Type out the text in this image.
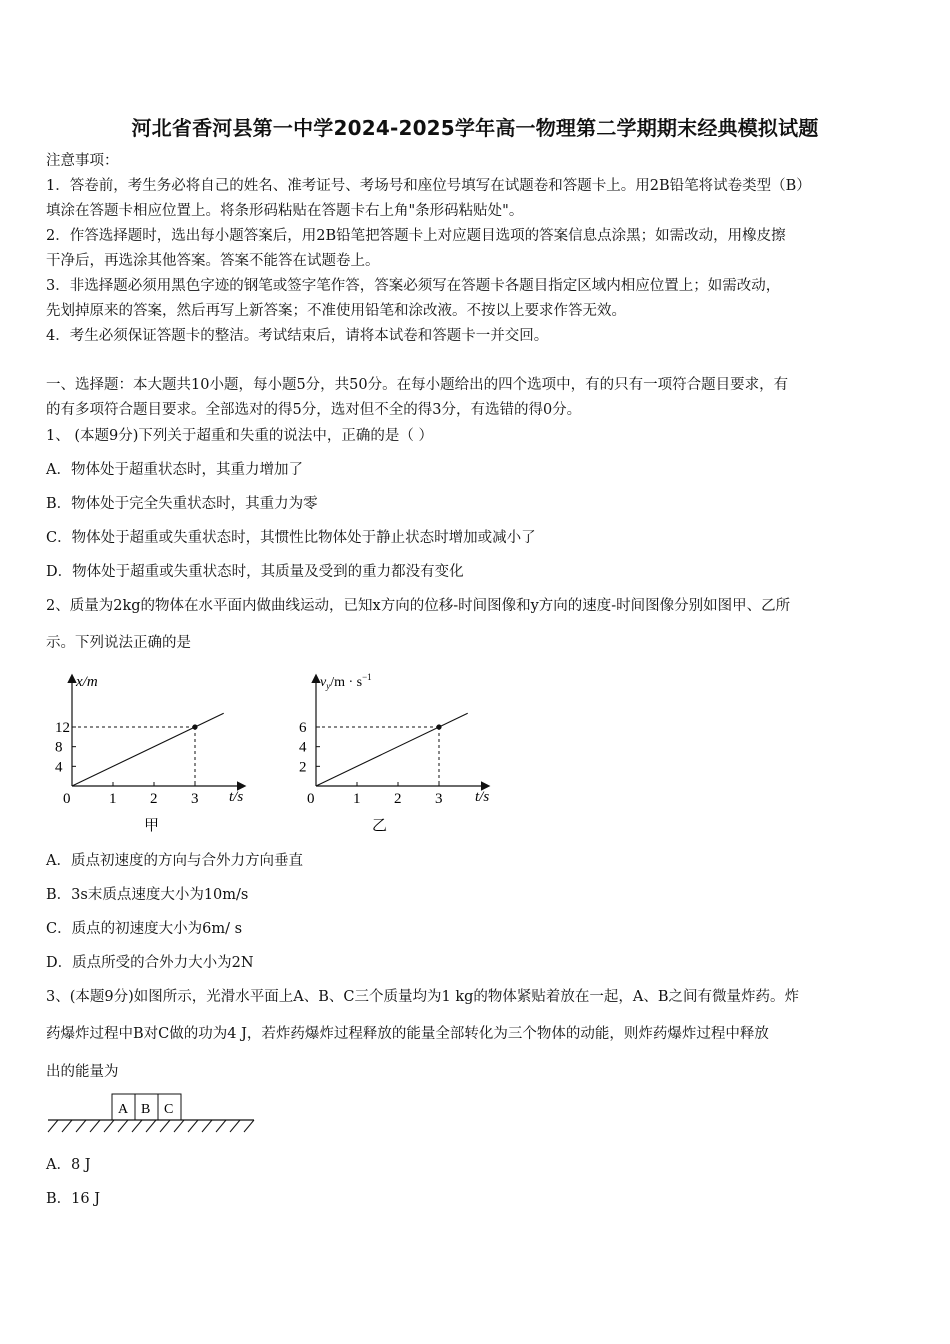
河北省香河县第一中学2024-2025学年高一物理第二学期期末经典模拟试题
注意事项：
1．答卷前，考生务必将自己的姓名、准考证号、考场号和座位号填写在试题卷和答题卡上。用2B铅笔将试卷类型（B）
填涂在答题卡相应位置上。将条形码粘贴在答题卡右上角"条形码粘贴处"。
2．作答选择题时，选出每小题答案后，用2B铅笔把答题卡上对应题目选项的答案信息点涂黑；如需改动，用橡皮擦
干净后，再选涂其他答案。答案不能答在试题卷上。
3．非选择题必须用黑色字迹的钢笔或签字笔作答，答案必须写在答题卡各题目指定区域内相应位置上；如需改动，
先划掉原来的答案，然后再写上新答案；不准使用铅笔和涂改液。不按以上要求作答无效。
4．考生必须保证答题卡的整洁。考试结束后，请将本试卷和答题卡一并交回。
一、选择题：本大题共10小题，每小题5分，共50分。在每小题给出的四个选项中，有的只有一项符合题目要求，有
的有多项符合题目要求。全部选对的得5分，选对但不全的得3分，有选错的得0分。
1、 (本题9分)下列关于超重和失重的说法中，正确的是（ ）
A．物体处于超重状态时，其重力增加了
B．物体处于完全失重状态时，其重力为零
C．物体处于超重或失重状态时，其惯性比物体处于静止状态时增加或减小了
D．物体处于超重或失重状态时，其质量及受到的重力都没有变化
2、质量为2kg的物体在水平面内做曲线运动，已知x方向的位移-时间图像和y方向的速度-时间图像分别如图甲、乙所
示。下列说法正确的是
x/m
t/s
4
8
12
0	1 2 3
甲
$v_y/m \cdot s^{-1}$
t/s
2
4
6
0	1 2 3
乙
A．质点初速度的方向与合外力方向垂直
B．3s末质点速度大小为10m/s
C．质点的初速度大小为6m/ s
D．质点所受的合外力大小为2N
3、(本题9分)如图所示，光滑水平面上A、B、C三个质量均为1 kg的物体紧贴着放在一起，A、B之间有微量炸药。炸
药爆炸过程中B对C做的功为4 J，若炸药爆炸过程释放的能量全部转化为三个物体的动能，则炸药爆炸过程中释放
出的能量为
A B C
A．8 J
B．16 J
